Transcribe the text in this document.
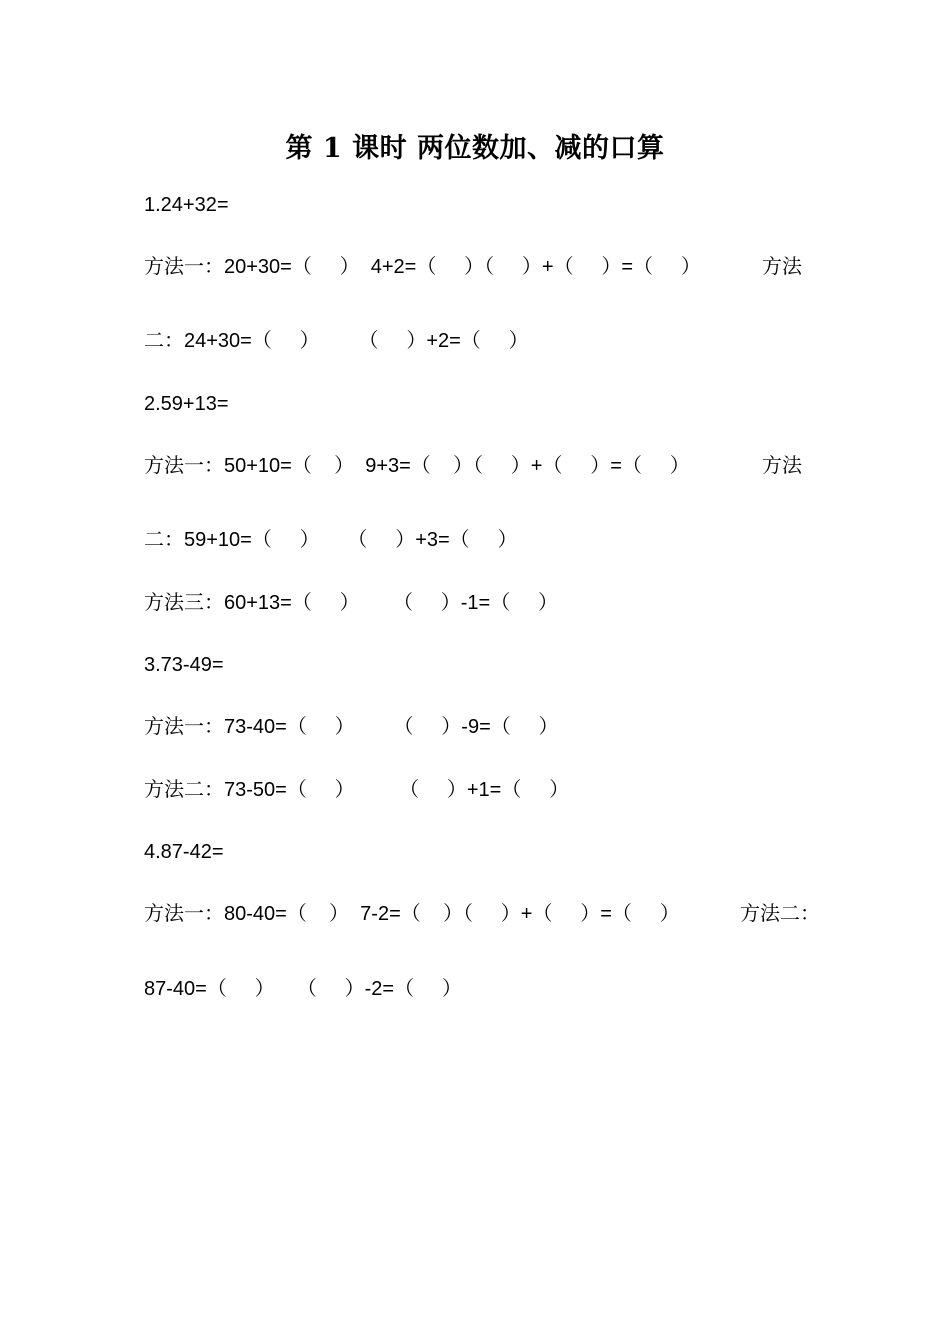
第 1 课时 两位数加、减的口算
1.24+32=
方法一：20+30=（     ）  4+2=（     ）（     ）+（     ）=（     ）	方法
二：24+30=（     ）       （     ）+2=（     ）
2.59+13=
方法一：50+10=（    ）  9+3=（    ）（     ）+（     ）=（     ）	方法
二：59+10=（     ）     （     ）+3=（     ）
方法三：60+13=（     ）      （     ）-1=（     ）
3.73-49=
方法一：73-40=（     ）       （     ）-9=（     ）
方法二：73-50=（     ）        （     ）+1=（     ）
4.87-42=
方法一：80-40=（    ）  7-2=（    ）（     ）+（     ）=（     ）	方法二：
87-40=（     ）    （     ）-2=（     ）
